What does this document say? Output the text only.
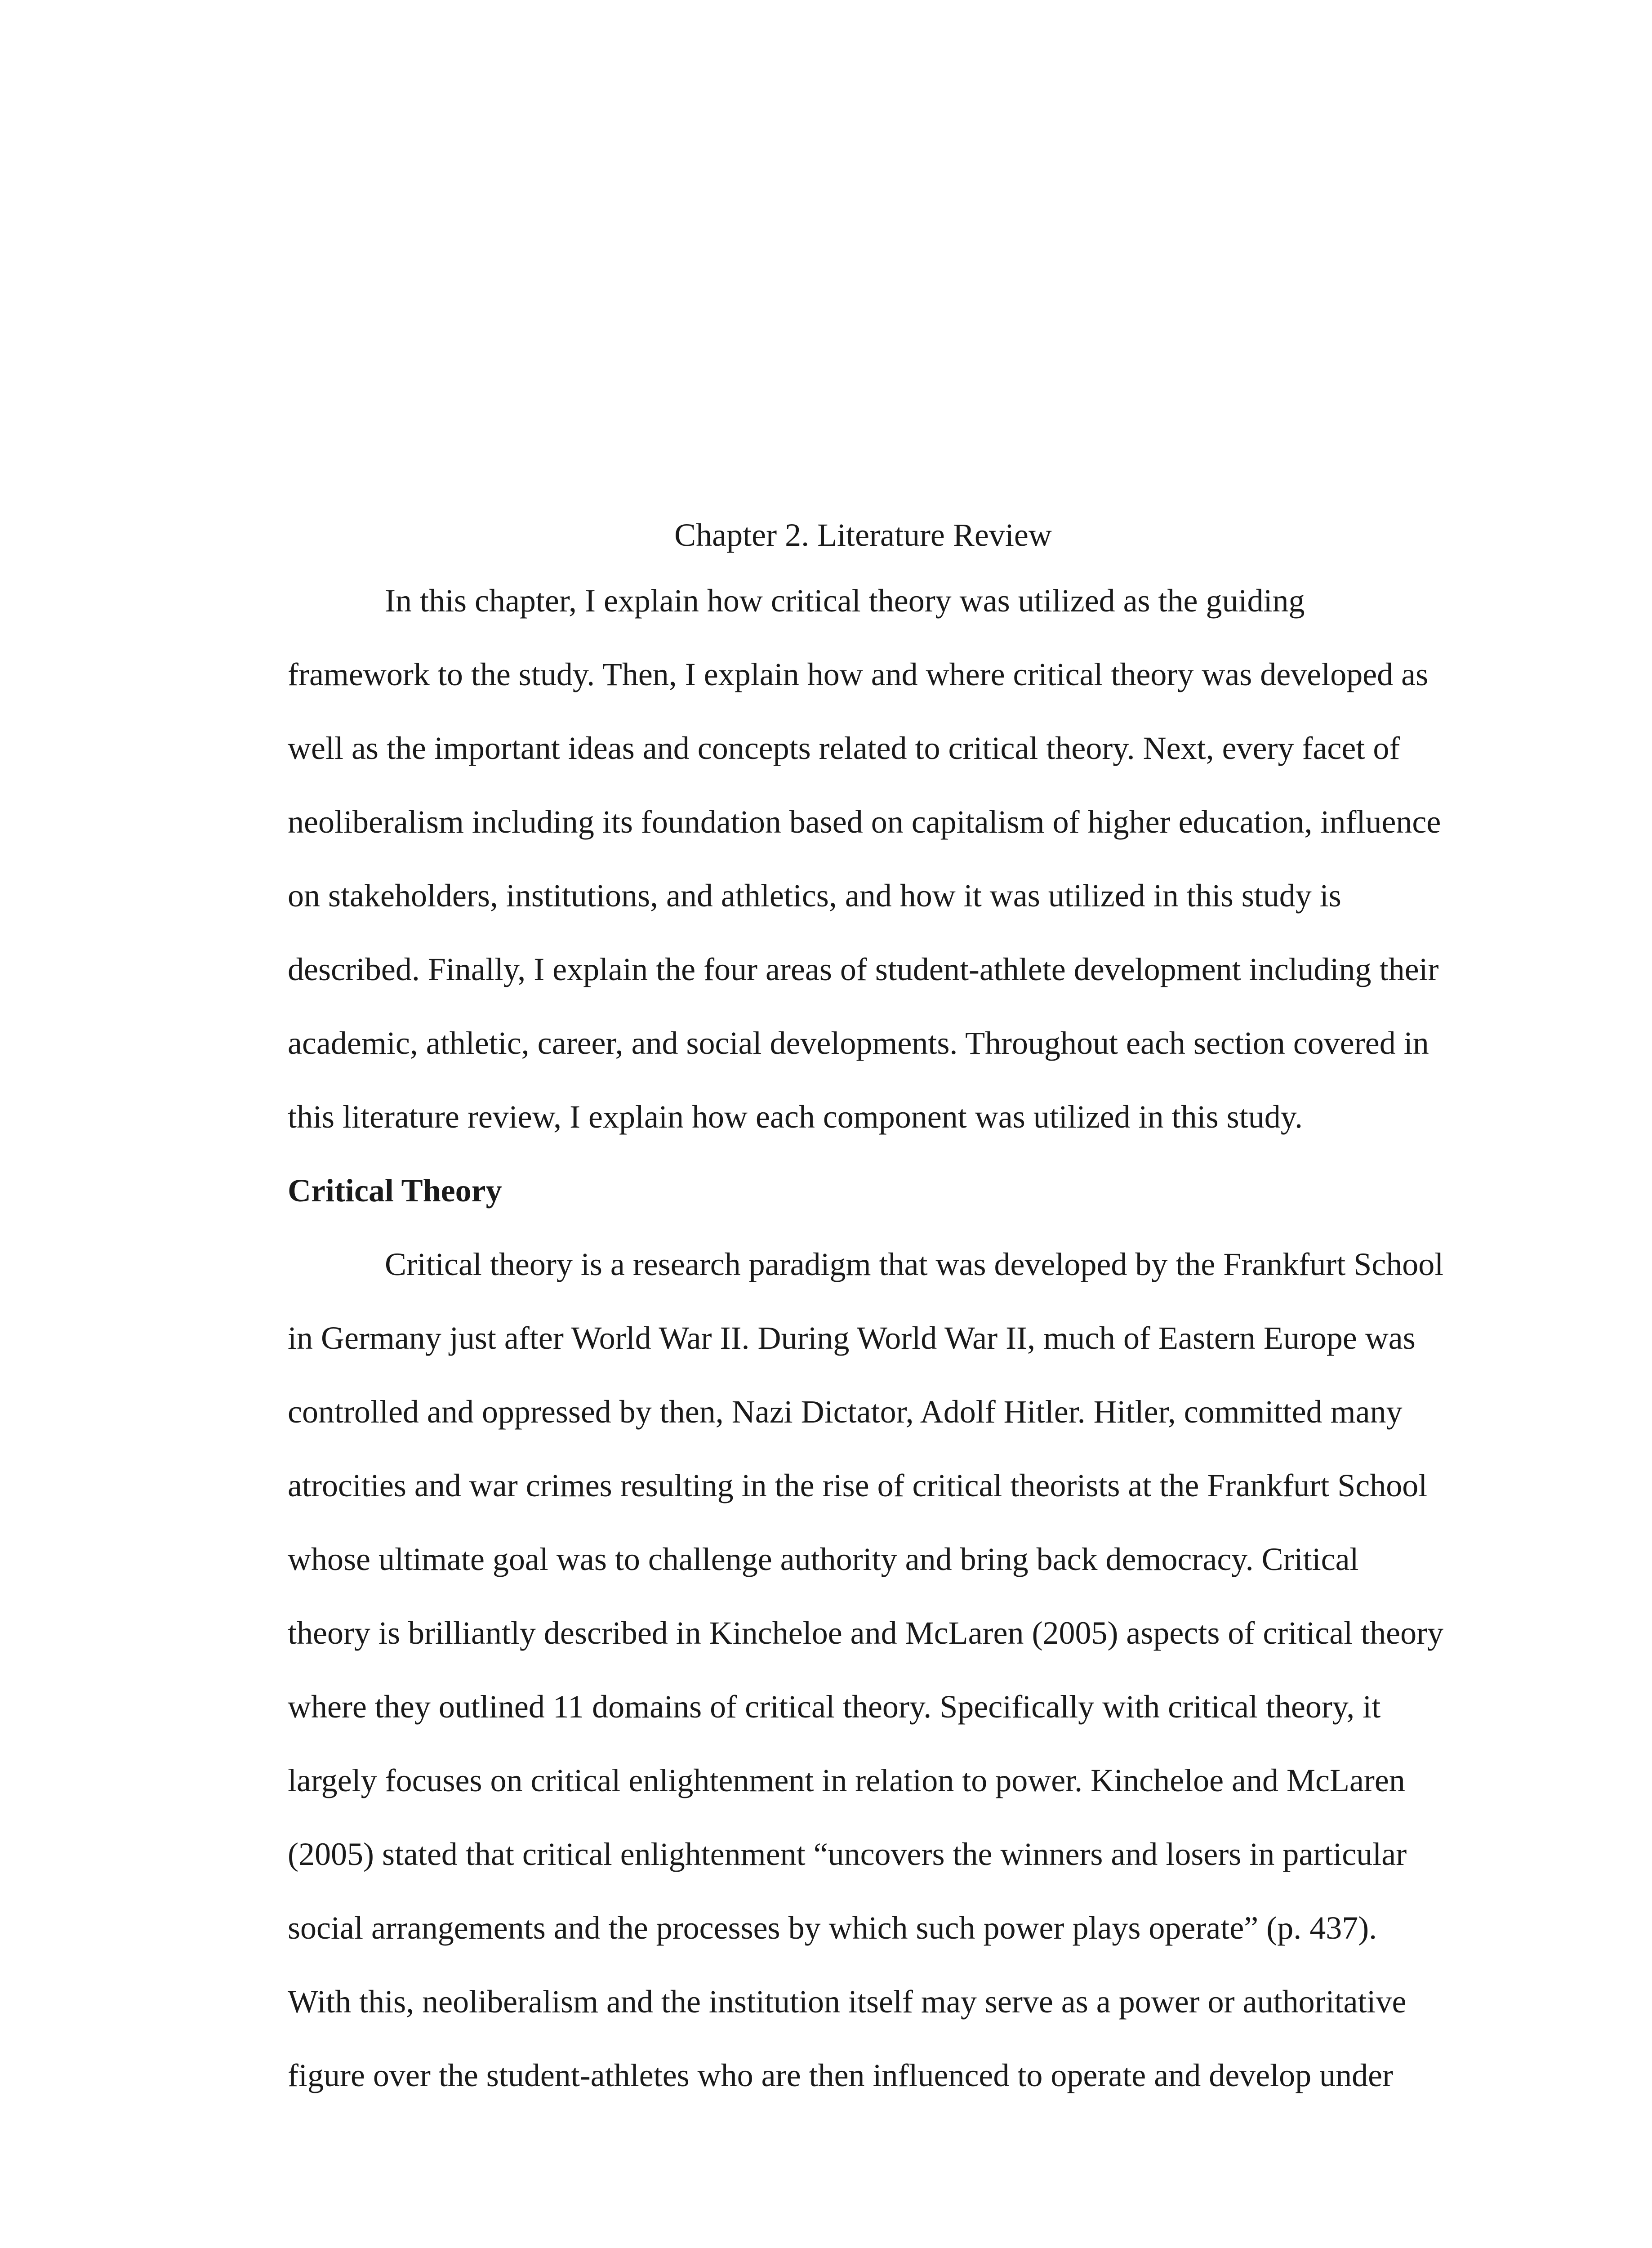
Chapter 2. Literature Review
In this chapter, I explain how critical theory was utilized as the guiding
framework to the study. Then, I explain how and where critical theory was developed as
well as the important ideas and concepts related to critical theory. Next, every facet of
neoliberalism including its foundation based on capitalism of higher education, influence
on stakeholders, institutions, and athletics, and how it was utilized in this study is
described. Finally, I explain the four areas of student-athlete development including their
academic, athletic, career, and social developments. Throughout each section covered in
this literature review, I explain how each component was utilized in this study.
Critical Theory
Critical theory is a research paradigm that was developed by the Frankfurt School
in Germany just after World War II. During World War II, much of Eastern Europe was
controlled and oppressed by then, Nazi Dictator, Adolf Hitler. Hitler, committed many
atrocities and war crimes resulting in the rise of critical theorists at the Frankfurt School
whose ultimate goal was to challenge authority and bring back democracy. Critical
theory is brilliantly described in Kincheloe and McLaren (2005) aspects of critical theory
where they outlined 11 domains of critical theory. Specifically with critical theory, it
largely focuses on critical enlightenment in relation to power. Kincheloe and McLaren
(2005) stated that critical enlightenment “uncovers the winners and losers in particular
social arrangements and the processes by which such power plays operate” (p. 437).
With this, neoliberalism and the institution itself may serve as a power or authoritative
figure over the student-athletes who are then influenced to operate and develop under
